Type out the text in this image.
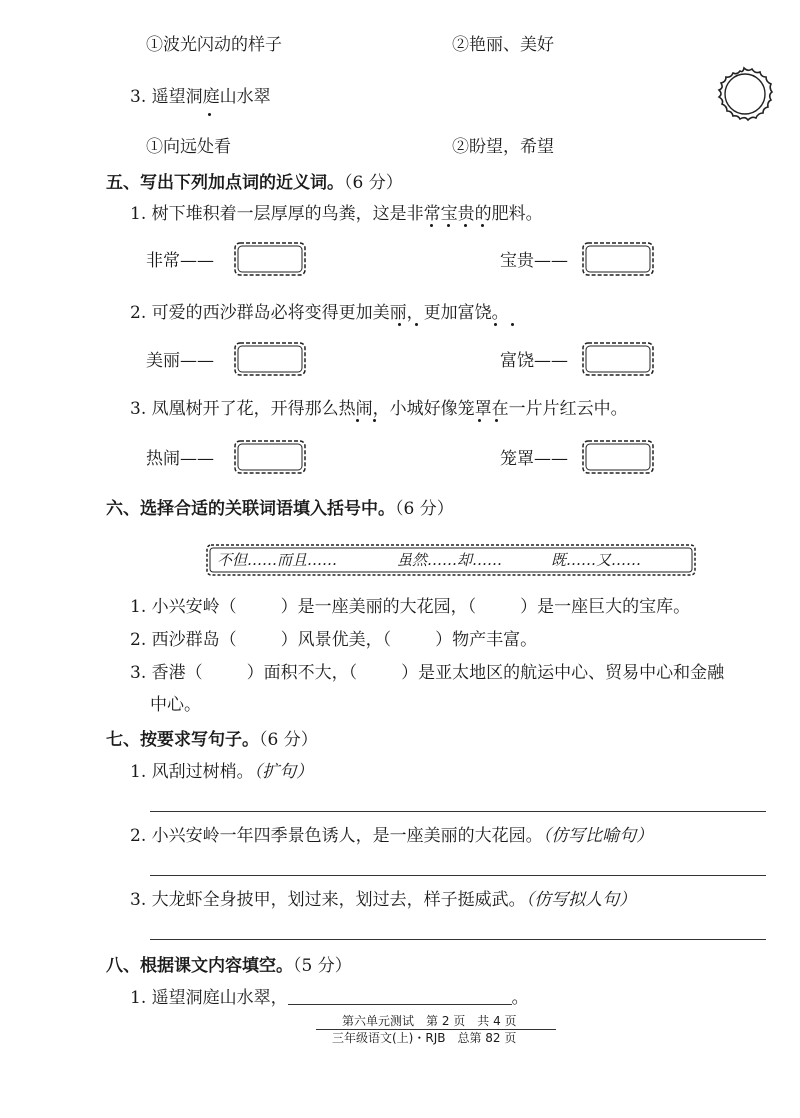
①波光闪动的样子	②艳丽、美好
3. 遥望洞庭山水翠
①向远处看	②盼望，希望
五、写出下列加点词的近义词。（6 分）
1. 树下堆积着一层厚厚的鸟粪，这是非常宝贵的肥料。
非常——	宝贵——
2. 可爱的西沙群岛必将变得更加美丽，更加富饶。
美丽——	富饶——
3. 凤凰树开了花，开得那么热闹，小城好像笼罩在一片片红云中。
热闹——	笼罩——
六、选择合适的关联词语填入括号中。（6 分）
不但……而且……	虽然……却……	既……又……
1. 小兴安岭（	）是一座美丽的大花园，（	）是一座巨大的宝库。
2. 西沙群岛（	）风景优美，（	）物产丰富。
3. 香港（	）面积不大，（	）是亚太地区的航运中心、贸易中心和金融
中心。
七、按要求写句子。（6 分）
1. 风刮过树梢。（扩句）
2. 小兴安岭一年四季景色诱人，是一座美丽的大花园。（仿写比喻句）
3. 大龙虾全身披甲，划过来，划过去，样子挺威武。（仿写拟人句）
八、根据课文内容填空。（5 分）
1. 遥望洞庭山水翠，	。
第六单元测试　第 2 页　共 4 页
三年级语文(上)・RJB　总第 82 页
